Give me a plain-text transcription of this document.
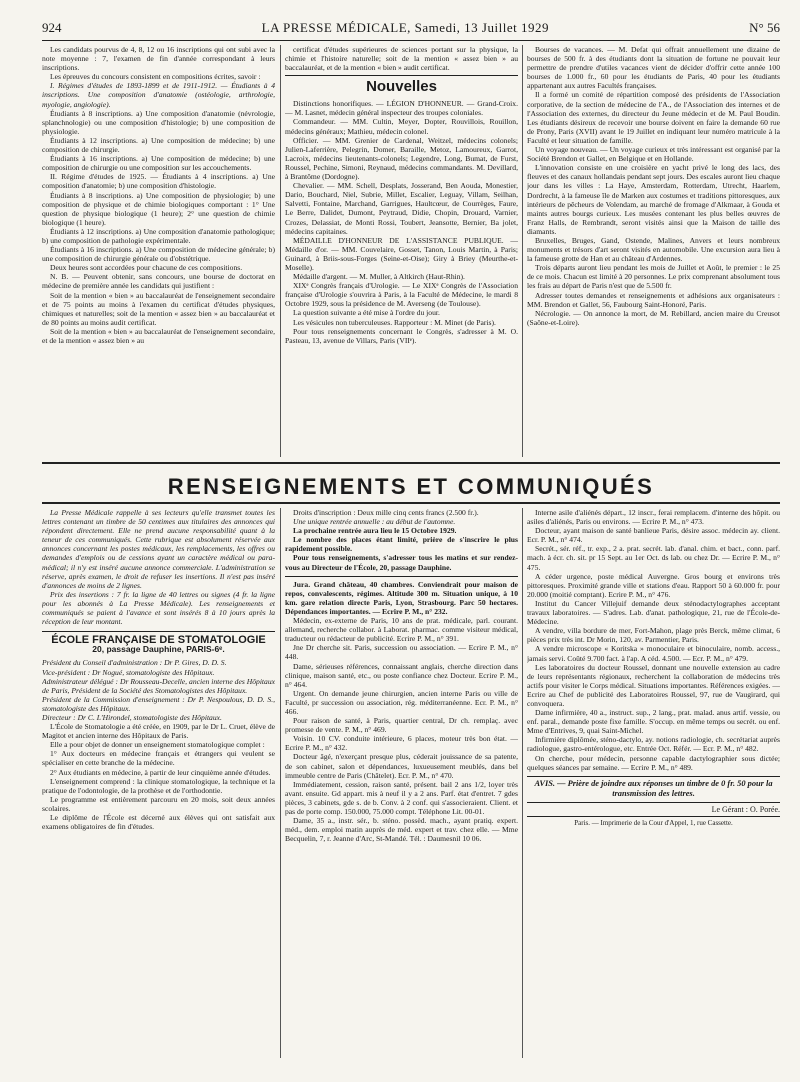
924	LA PRESSE MÉDICALE, Samedi, 13 Juillet 1929	N° 56

Les candidats pourvus de 4, 8, 12 ou 16 inscriptions qui ont subi avec la note moyenne : 7, l'examen de fin d'année correspondant à leurs inscriptions.

Les épreuves du concours consistent en compositions écrites, savoir :

I. Régimes d'études de 1893-1899 et de 1911-1912. — Étudiants à 4 inscriptions. Une composition d'anatomie (ostéologie, arthrologie, myologie, angiologie).

Étudiants à 8 inscriptions. a) Une composition d'anatomie (névrologie, splanchnologie) ou une composition d'histologie; b) une composition de physiologie.

Étudiants à 12 inscriptions. a) Une composition de médecine; b) une composition de chirurgie.

Étudiants à 16 inscriptions. a) Une composition de médecine; b) une composition de chirurgie ou une composition sur les accouchements.

II. Régime d'études de 1925. — Étudiants à 4 inscriptions. a) Une composition d'anatomie; b) une composition d'histologie.

Étudiants à 8 inscriptions. a) Une composition de physiologie; b) une composition de physique et de chimie biologiques comportant : 1° Une question de physique biologique (1 heure); 2° une question de chimie biologique (1 heure).

Étudiants à 12 inscriptions. a) Une composition d'anatomie pathologique; b) une composition de pathologie expérimentale.

Étudiants à 16 inscriptions. a) Une composition de médecine générale; b) une composition de chirurgie générale ou d'obstétrique.

Deux heures sont accordées pour chacune de ces compositions.

N. B. — Peuvent obtenir, sans concours, une bourse de doctorat en médecine de première année les candidats qui justifient :

Soit de la mention « bien » au baccalauréat de l'enseignement secondaire et de 75 points au moins à l'examen du certificat d'études physiques, chimiques et naturelles; soit de la mention « assez bien » au baccalauréat et de 80 points au moins audit certificat.

Soit de la mention « bien » au baccalauréat de l'enseignement secondaire, et de la mention « assez bien » au

certificat d'études supérieures de sciences portant sur la physique, la chimie et l'histoire naturelle; soit de la mention « assez bien » au baccalauréat, et de la mention « bien » audit certificat.

Nouvelles

Distinctions honorifiques. — LÉGION D'HONNEUR. — Grand-Croix. — M. Lasnet, médecin général inspecteur des troupes coloniales.

Commandeur. — MM. Cultin, Meyer, Dopter, Rouvillois, Rouillon, médecins généraux; Mathieu, médecin colonel.

Officier. — MM. Grenier de Cardenal, Weitzel, médecins colonels; Julien-Laferrière, Pelegrin, Domer, Baraille, Metoz, Lamoureux, Garrot, Lacroix, médecins lieutenants-colonels; Legendre, Long, Bumat, de Furst, Roussel, Pechine, Simoni, Reynaud, médecins commandants. M. Devillard, à Brantôme (Dordogne).

Chevalier. — MM. Schell, Desplats, Josserand, Ben Aouda, Monestier, Dario, Bouchard, Niel, Subrie, Millet, Escalier, Leguay, Villam, Seilhan, Salvetti, Fontaine, Marchand, Garrigues, Haultcœur, de Courrèges, Faure, Le Berre, Dalidet, Dumont, Peytraud, Didie, Chopin, Drouard, Varnier, Crozes, Delassiat, de Monti Rossi, Toubert, Jeansotte, Bernier, Ba jolet, médecins capitaines.

MÉDAILLE D'HONNEUR DE L'ASSISTANCE PUBLIQUE. — Médaille d'or. — MM. Couvelaire, Gosset, Tanon, Louis Martin, à Paris; Guinard, à Briis-sous-Forges (Seine-et-Oise); Giry à Briey (Meurthe-et-Moselle).

Médaille d'argent. — M. Muller, à Altkirch (Haut-Rhin).

XIXᵉ Congrès français d'Urologie. — Le XIXᵉ Congrès de l'Association française d'Urologie s'ouvrira à Paris, à la Faculté de Médecine, le mardi 8 Octobre 1929, sous la présidence de M. Averseng (de Toulouse).

La question suivante a été mise à l'ordre du jour.

Les vésicules non tuberculeuses. Rapporteur : M. Minet (de Paris).

Pour tous renseignements concernant le Congrès, s'adresser à M. O. Pasteau, 13, avenue de Villars, Paris (VIIᵉ).

Bourses de vacances. — M. Defat qui offrait annuellement une dizaine de bourses de 500 fr. à des étudiants dont la situation de fortune ne pouvait leur permettre de prendre d'utiles vacances vient de décider d'offrir cette année 100 bourses de 1.000 fr., 60 pour les étudiants de Paris, 40 pour les étudiants appartenant aux autres Facultés françaises.

Il a formé un comité de répartition composé des présidents de l'Association corporative, de la section de médecine de l'A., de l'Association des internes et de l'Association des externes, du directeur du Jeune médecin et de M. Paul Boudin. Les étudiants désireux de recevoir une bourse doivent en faire la demande 60 rue de Prony, Paris (XVII) avant le 19 Juillet en indiquant leur numéro matricule à la Faculté et leur situation de famille.

Un voyage nouveau. — Un voyage curieux et très intéressant est organisé par la Société Brendon et Gallet, en Belgique et en Hollande.

L'innovation consiste en une croisière en yacht privé le long des lacs, des fleuves et des canaux hollandais pendant sept jours. Des escales auront lieu chaque jour dans les villes : La Haye, Amsterdam, Rotterdam, Utrecht, Haarlem, Dordrecht, à la fameuse île de Marken aux costumes et traditions pittoresques, aux intérieurs de pêcheurs de Volendam, au marché de fromage d'Alkmaar, à Gouda et maints autres bourgs curieux. Les musées contenant les plus belles œuvres de Franz Halls, de Rembrandt, seront visités ainsi que la Maison de taille des diamants.

Bruxelles, Bruges, Gand, Ostende, Malines, Anvers et leurs nombreux monuments et trésors d'art seront visités en automobile. Une excursion aura lieu à la fameuse grotte de Han et au château d'Ardennes.

Trois départs auront lieu pendant les mois de Juillet et Août, le premier : le 25 de ce mois. Chacun est limité à 20 personnes. Le prix comprenant absolument tous les frais au départ de Paris n'est que de 5.500 fr.

Adresser toutes demandes et renseignements et adhésions aux organisateurs : MM. Brendon et Gallet, 56, Faubourg Saint-Honoré, Paris.

Nécrologie. — On annonce la mort, de M. Rebillard, ancien maire du Creusot (Saône-et-Loire).

RENSEIGNEMENTS ET COMMUNIQUÉS

La Presse Médicale rappelle à ses lecteurs qu'elle transmet toutes les lettres contenant un timbre de 50 centimes aux titulaires des annonces qui répondent directement. Elle ne prend aucune responsabilité quant à la teneur de ces communiqués. Cette rubrique est absolument réservée aux annonces concernant les postes médicaux, les remplacements, les offres ou demandes d'emplois ou de cessions ayant un caractère médical ou para-médical; il n'y est inséré aucune annonce commerciale. L'administration se réserve, après examen, le droit de refuser les insertions. Il n'est pas inséré d'annonces de moins de 2 lignes.

Prix des insertions : 7 fr. la ligne de 40 lettres ou signes (4 fr. la ligne pour les abonnés à La Presse Médicale). Les renseignements et communiqués se paient à l'avance et sont insérés 8 à 10 jours après la réception de leur montant.

ÉCOLE FRANÇAISE DE STOMATOLOGIE
20, passage Dauphine, PARIS-6ᵉ.

Président du Conseil d'administration : Dr P. Gires, D. D. S.

Vice-président : Dr Nogué, stomatologiste des Hôpitaux.

Administrateur délégué : Dr Rousseau-Decelle, ancien interne des Hôpitaux de Paris, Président de la Société des Stomatologistes des Hôpitaux.

Président de la Commission d'enseignement : Dr P. Nespoulous, D. D. S., stomatologiste des Hôpitaux.

Directeur : Dr C. L'Hirondel, stomatologiste des Hôpitaux.

L'École de Stomatologie a été créée, en 1909, par le Dr L. Cruet, élève de Magitot et ancien interne des Hôpitaux de Paris.

Elle a pour objet de donner un enseignement stomatologique complet :

1° Aux docteurs en médecine français et étrangers qui veulent se spécialiser en cette branche de la médecine.

2° Aux étudiants en médecine, à partir de leur cinquième année d'études.

L'enseignement comprend : la clinique stomatologique, la technique et la pratique de l'odontologie, de la prothèse et de l'orthodontie.

Le programme est entièrement parcouru en 20 mois, soit deux années scolaires.

Le diplôme de l'École est décerné aux élèves qui ont satisfait aux examens obligatoires de fin d'études.

Droits d'inscription : Deux mille cinq cents francs (2.500 fr.).

Une unique rentrée annuelle : au début de l'automne.

La prochaine rentrée aura lieu le 15 Octobre 1929.

Le nombre des places étant limité, prière de s'inscrire le plus rapidement possible.

Pour tous renseignements, s'adresser tous les matins et sur rendez-vous au Directeur de l'École, 20, passage Dauphine.

Jura. Grand château, 40 chambres. Conviendrait pour maison de repos, convalescents, régimes. Altitude 300 m. Situation unique, à 10 km. gare relation directe Paris, Lyon, Strasbourg. Parc 50 hectares. Dépendances importantes. — Ecrire P. M., n° 232.

Médecin, ex-externe de Paris, 10 ans de prat. médicale, parl. courant. allemand, recherche collabor. à Laborat. pharmac. comme visiteur médical, traducteur ou rédacteur de publicité. Ecrire P. M., n° 391.

Jne Dr cherche sit. Paris, succession ou association. — Ecrire P. M., n° 448.

Dame, sérieuses références, connaissant anglais, cherche direction dans clinique, maison santé, etc., ou poste confiance chez Docteur. Ecrire P. M., n° 464.

Urgent. On demande jeune chirurgien, ancien interne Paris ou ville de Faculté, pr succession ou association, rég. méditerranéenne. Ecr. P. M., n° 466.

Pour raison de santé, à Paris, quartier central, Dr ch. remplaç. avec promesse de vente. P. M., n° 469.

Voisin. 10 CV. conduite intérieure, 6 places, moteur très bon état. — Ecrire P. M., n° 432.

Docteur âgé, n'exerçant presque plus, céderait jouissance de sa patente, de son cabinet, salon et dépendances, luxueusement meublés, dans bel immeuble centre de Paris (Châtelet). Ecr. P. M., n° 470.

Immédiatement, cession, raison santé, présent. bail 2 ans 1/2, loyer très avant. ensuite. Gd appart. mis à neuf il y a 2 ans. Parf. état d'entret. 7 gdes pièces, 3 cabinets, gde s. de b. Conv. à 2 conf. qui s'associeraient. Client. et pas de porte comp. 150.000, 75.000 compt. Téléphone Lit. 00-01.

Dame, 35 a., instr. sér., b. sténo. possèd. mach., ayant pratiq. expert. méd., dem. emploi matin auprès de méd. expert et trav. chez elle. — Mme Becquelin, 7, r. Jeanne d'Arc, St-Mandé. Tél. : Daumesnil 10 06.

Interne asile d'aliénés départ., 12 inscr., ferai remplacem. d'interne des hôpit. ou asiles d'aliénés, Paris ou environs. — Ecrire P. M., n° 473.

Docteur, ayant maison de santé banlieue Paris, désire assoc. médecin ay. client. Ecr. P. M., n° 474.

Secrét., sér. réf., tr. exp., 2 a. prat. secrét. lab. d'anal. chim. et bact., conn. parf. mach. à écr. ch. sit. pr 15 Sept. au 1er Oct. ds lab. ou chez Dr. — Ecrire P. M., n° 475.

A céder urgence, poste médical Auvergne. Gros bourg et environs très pittoresques. Proximité grande ville et stations d'eau. Rapport 50 à 60.000 fr. pour 20.000 (moitié comptant). Ecrire P. M., n° 476.

Institut du Cancer Villejuif demande deux sténodactylographes acceptant travaux laboratoires. — S'adres. Lab. d'anat. pathologique, 21, rue de l'École-de-Médecine.

A vendre, villa bordure de mer, Fort-Mahon, plage près Berck, même climat, 6 pièces prix très int. Dr Morin, 120, av. Parmentier, Paris.

A vendre microscope « Koritska » monoculaire et binoculaire, nomb. access., jamais servi. Coûté 9.700 fact. à l'ap. A céd. 4.500. — Ecr. P. M., n° 479.

Les laboratoires du docteur Roussel, donnant une nouvelle extension au cadre de leurs représentants régionaux, recherchent la collaboration de médecins très actifs pour visiter le Corps médical. Situations importantes. Références exigées. — Ecrire au Chef de publicité des Laboratoires Roussel, 97, rue de Vaugirard, qui convoquera.

Dame infirmière, 40 a., instruct. sup., 2 lang., prat. malad. anus artif. vessie, ou enf. paral., demande poste fixe famille. S'occup. en même temps ou secrét. ou enf. Mme d'Entrives, 9, quai Saint-Michel.

Infirmière diplômée, sténo-dactylo, ay. notions radiologie, ch. secrétariat auprès radiologue, gastro-entérologue, etc. Entrée Oct. Référ. — Ecr. P. M., n° 482.

On cherche, pour médecin, personne capable dactylographier sous dictée; quelques séances par semaine. — Ecrire P. M., n° 489.

AVIS. — Prière de joindre aux réponses un timbre de 0 fr. 50 pour la transmission des lettres.

Le Gérant : O. Porée.
Paris. — Imprimerie de la Cour d'Appel, 1, rue Cassette.
